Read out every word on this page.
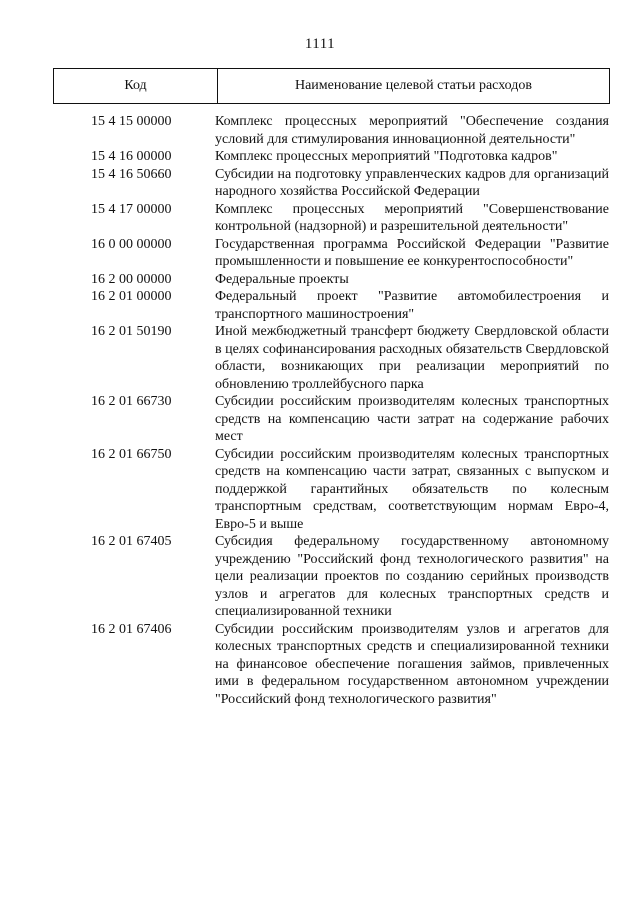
1111
Код	Наименование целевой статьи расходов
15 4 15 00000	Комплекс процессных мероприятий "Обеспечение создания условий для стимулирования инновационной деятельности"
15 4 16 00000	Комплекс процессных мероприятий "Подготовка кадров"
15 4 16 50660	Субсидии на подготовку управленческих кадров для организаций народного хозяйства Российской Федерации
15 4 17 00000	Комплекс процессных мероприятий "Совершенствование контрольной (надзорной) и разрешительной деятельности"
16 0 00 00000	Государственная программа Российской Федерации "Развитие промышленности и повышение ее конкурентоспособности"
16 2 00 00000	Федеральные проекты
16 2 01 00000	Федеральный проект "Развитие автомобилестроения и транспортного машиностроения"
16 2 01 50190	Иной межбюджетный трансферт бюджету Свердловской области в целях софинансирования расходных обязательств Свердловской области, возникающих при реализации мероприятий по обновлению троллейбусного парка
16 2 01 66730	Субсидии российским производителям колесных транспортных средств на компенсацию части затрат на содержание рабочих мест
16 2 01 66750	Субсидии российским производителям колесных транспортных средств на компенсацию части затрат, связанных с выпуском и поддержкой гарантийных обязательств по колесным транспортным средствам, соответствующим нормам Евро-4, Евро-5 и выше
16 2 01 67405	Субсидия федеральному государственному автономному учреждению "Российский фонд технологического развития" на цели реализации проектов по созданию серийных производств узлов и агрегатов для колесных транспортных средств и специализированной техники
16 2 01 67406	Субсидии российским производителям узлов и агрегатов для колесных транспортных средств и специализированной техники на финансовое обеспечение погашения займов, привлеченных ими в федеральном государственном автономном учреждении "Российский фонд технологического развития"
